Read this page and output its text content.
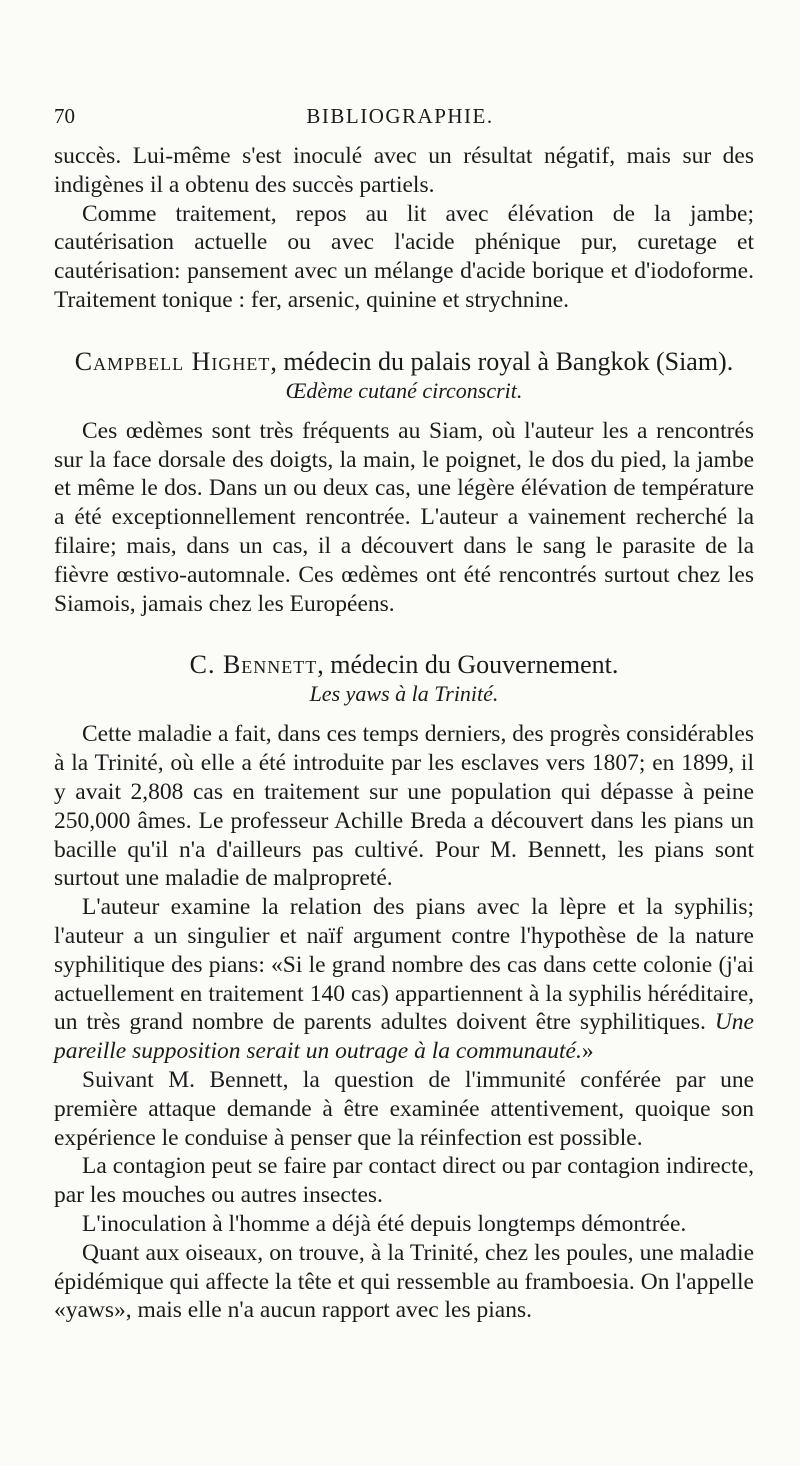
70	BIBLIOGRAPHIE.

succès. Lui-même s'est inoculé avec un résultat négatif, mais sur des indigènes il a obtenu des succès partiels.

Comme traitement, repos au lit avec élévation de la jambe; cautérisation actuelle ou avec l'acide phénique pur, curetage et cautérisation: pansement avec un mélange d'acide borique et d'iodoforme. Traitement tonique : fer, arsenic, quinine et strychnine.

Campbell Highet, médecin du palais royal à Bangkok (Siam).
Œdème cutané circonscrit.

Ces œdèmes sont très fréquents au Siam, où l'auteur les a rencontrés sur la face dorsale des doigts, la main, le poignet, le dos du pied, la jambe et même le dos. Dans un ou deux cas, une légère élévation de température a été exceptionnellement rencontrée. L'auteur a vainement recherché la filaire; mais, dans un cas, il a découvert dans le sang le parasite de la fièvre œstivo-automnale. Ces œdèmes ont été rencontrés surtout chez les Siamois, jamais chez les Européens.

C. Bennett, médecin du Gouvernement.
Les yaws à la Trinité.

Cette maladie a fait, dans ces temps derniers, des progrès considérables à la Trinité, où elle a été introduite par les esclaves vers 1807; en 1899, il y avait 2,808 cas en traitement sur une population qui dépasse à peine 250,000 âmes. Le professeur Achille Breda a découvert dans les pians un bacille qu'il n'a d'ailleurs pas cultivé. Pour M. Bennett, les pians sont surtout une maladie de malpropreté.

L'auteur examine la relation des pians avec la lèpre et la syphilis; l'auteur a un singulier et naïf argument contre l'hypothèse de la nature syphilitique des pians: «Si le grand nombre des cas dans cette colonie (j'ai actuellement en traitement 140 cas) appartiennent à la syphilis héréditaire, un très grand nombre de parents adultes doivent être syphilitiques. Une pareille supposition serait un outrage à la communauté.»

Suivant M. Bennett, la question de l'immunité conférée par une première attaque demande à être examinée attentivement, quoique son expérience le conduise à penser que la réinfection est possible.

La contagion peut se faire par contact direct ou par contagion indirecte, par les mouches ou autres insectes.

L'inoculation à l'homme a déjà été depuis longtemps démontrée.

Quant aux oiseaux, on trouve, à la Trinité, chez les poules, une maladie épidémique qui affecte la tête et qui ressemble au framboesia. On l'appelle «yaws», mais elle n'a aucun rapport avec les pians.
